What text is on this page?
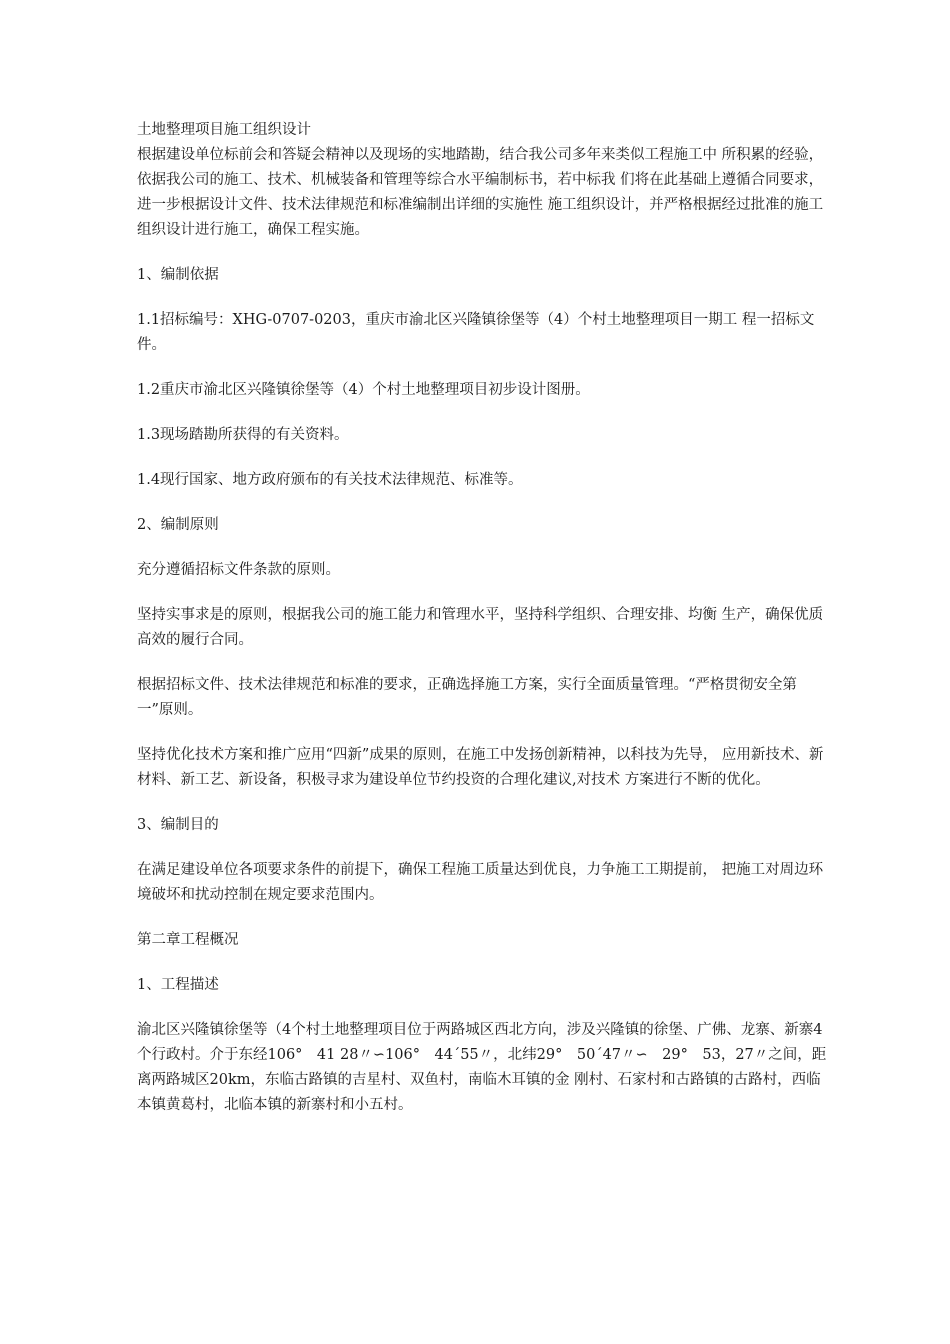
土地整理项目施工组织设计

根据建设单位标前会和答疑会精神以及现场的实地踏勘，结合我公司多年来类似工程施工中 所积累的经验，依据我公司的施工、技术、机械装备和管理等综合水平编制标书，若中标我 们将在此基础上遵循合同要求，进一步根据设计文件、技术法律规范和标准编制出详细的实施性 施工组织设计，并严格根据经过批准的施工组织设计进行施工，确保工程实施。

1、编制依据

1.1招标编号：XHG-0707-0203，重庆市渝北区兴隆镇徐堡等（4）个村土地整理项目一期工 程一招标文件。

1.2重庆市渝北区兴隆镇徐堡等（4）个村土地整理项目初步设计图册。

1.3现场踏勘所获得的有关资料。

1.4现行国家、地方政府颁布的有关技术法律规范、标准等。

2、编制原则

充分遵循招标文件条款的原则。

坚持实事求是的原则，根据我公司的施工能力和管理水平，坚持科学组织、合理安排、均衡 生产，确保优质高效的履行合同。

根据招标文件、技术法律规范和标准的要求，正确选择施工方案，实行全面质量管理。“严格贯彻安全第一”原则。

坚持优化技术方案和推广应用“四新”成果的原则，在施工中发扬创新精神，以科技为先导， 应用新技术、新材料、新工艺、新设备，积极寻求为建设单位节约投资的合理化建议,对技术 方案进行不断的优化。

3、编制目的

在满足建设单位各项要求条件的前提下，确保工程施工质量达到优良，力争施工工期提前， 把施工对周边环境破坏和扰动控制在规定要求范围内。

第二章工程概况

1、工程描述

渝北区兴隆镇徐堡等（4个村土地整理项目位于两路城区西北方向，涉及兴隆镇的徐堡、广佛、龙寨、新寨4个行政村。介于东经106°　41 28〃∽106°　44ˊ55〃，北纬29°　50ˊ47〃∽　29°　53，27〃之间，距离两路城区20km，东临古路镇的吉星村、双鱼村，南临木耳镇的金 刚村、石家村和古路镇的古路村，西临本镇黄葛村，北临本镇的新寨村和小五村。
